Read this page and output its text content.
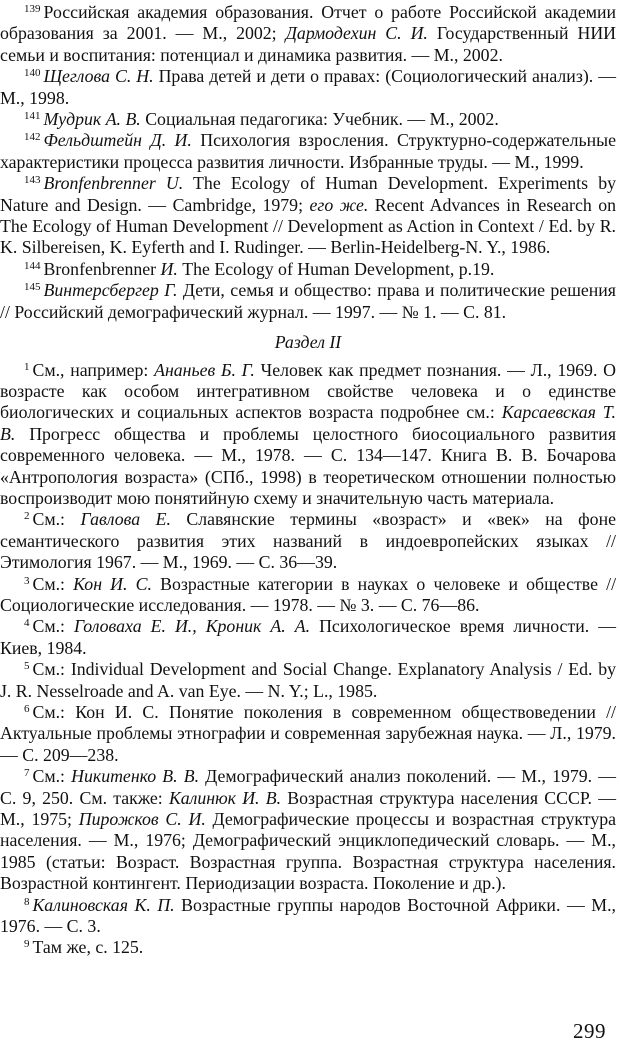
$^{139}$ Российская академия образования. Отчет о работе Российской академии образования за 2001. — М., 2002; Дармодехин С. И. Государственный НИИ семьи и воспитания: потенциал и динамика развития. — М., 2002.

$^{140}$ Щеглова С. Н. Права детей и дети о правах: (Социологический анализ). — М., 1998.

$^{141}$ Мудрик А. В. Социальная педагогика: Учебник. — М., 2002.

$^{142}$ Фельдштейн Д. И. Психология взросления. Структурно-содержательные характеристики процесса развития личности. Избранные труды. — М., 1999.

$^{143}$ Bronfenbrenner U. The Ecology of Human Development. Experiments by Nature and Design. — Cambridge, 1979; его же. Recent Advances in Research on The Ecology of Human Development // Development as Action in Context / Ed. by R. K. Silbereisen, K. Eyferth and I. Rudinger. — Berlin-Heidelberg-N. Y., 1986.

$^{144}$ Bronfenbrenner И. The Ecology of Human Development, p.19.

$^{145}$ Винтерсбергер Г. Дети, семья и общество: права и политические решения // Российский демографический журнал. — 1997. — № 1. — С. 81.

Раздел II

$^1$ См., например: Ананьев Б. Г. Человек как предмет познания. — Л., 1969. О возрасте как особом интегративном свойстве человека и о единстве биологических и социальных аспектов возраста подробнее см.: Карсаевская Т. В. Прогресс общества и проблемы целостного биосоциального развития современного человека. — М., 1978. — С. 134—147. Книга В. В. Бочарова «Антропология возраста» (СПб., 1998) в теоретическом отношении полностью воспроизводит мою понятийную схему и значительную часть материала.

$^2$ См.: Гавлова Е. Славянские термины «возраст» и «век» на фоне семантического развития этих названий в индоевропейских языках // Этимология 1967. — М., 1969. — С. 36—39.

$^3$ См.: Кон И. С. Возрастные категории в науках о человеке и обществе // Социологические исследования. — 1978. — № 3. — С. 76—86.

$^4$ См.: Головаха Е. И., Кроник А. А. Психологическое время личности. — Киев, 1984.

$^5$ См.: Individual Development and Social Change. Explanatory Analysis / Ed. by J. R. Nesselroade and A. van Eye. — N. Y.; L., 1985.

$^6$ См.: Кон И. С. Понятие поколения в современном обществоведении // Актуальные проблемы этнографии и современная зарубежная наука. — Л., 1979. — С. 209—238.

$^7$ См.: Никитенко В. В. Демографический анализ поколений. — М., 1979. — С. 9, 250. См. также: Калинюк И. В. Возрастная структура населения СССР. — М., 1975; Пирожков С. И. Демографические процессы и возрастная структура населения. — М., 1976; Демографический энциклопедический словарь. — М., 1985 (статьи: Возраст. Возрастная группа. Возрастная структура населения. Возрастной контингент. Периодизации возраста. Поколение и др.).

$^8$ Калиновская К. П. Возрастные группы народов Восточной Африки. — М., 1976. — С. 3.

$^9$ Там же, с. 125.

299
